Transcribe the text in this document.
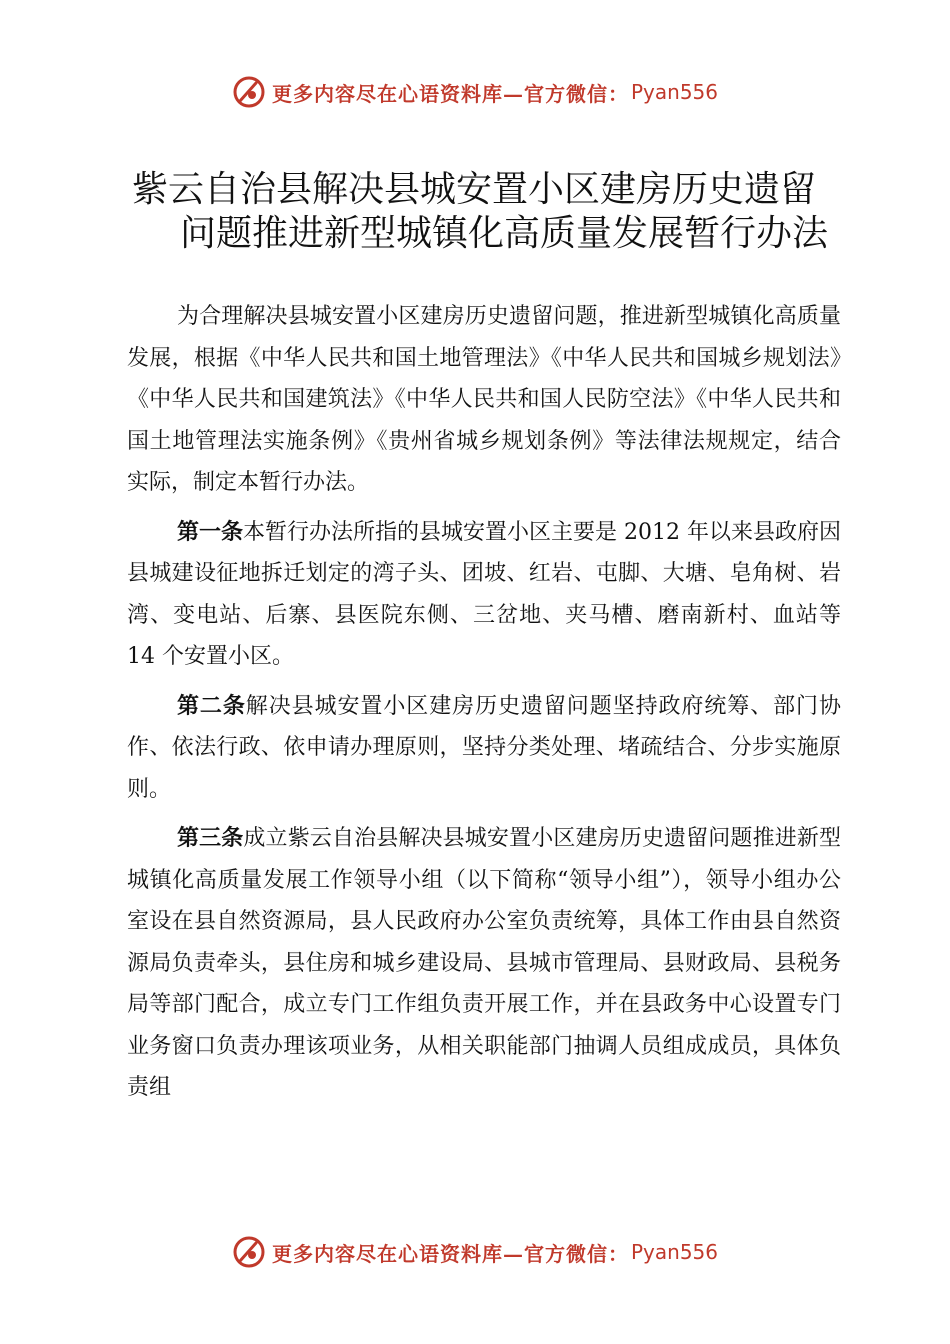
更多内容尽在心语资料库—官方微信： Pyan556
紫云自治县解决县城安置小区建房历史遗留
问题推进新型城镇化高质量发展暂行办法

为合理解决县城安置小区建房历史遗留问题，推进新型城镇化高质量发展，根据《中华人民共和国土地管理法》《中华人民共和国城乡规划法》《中华人民共和国建筑法》《中华人民共和国人民防空法》《中华人民共和国土地管理法实施条例》《贵州省城乡规划条例》等法律法规规定，结合实际，制定本暂行办法。

第一条本暂行办法所指的县城安置小区主要是 2012 年以来县政府因县城建设征地拆迁划定的湾子头、团坡、红岩、屯脚、大塘、皂角树、岩湾、变电站、后寨、县医院东侧、三岔地、夹马槽、磨南新村、血站等 14 个安置小区。

第二条解决县城安置小区建房历史遗留问题坚持政府统筹、部门协作、依法行政、依申请办理原则，坚持分类处理、堵疏结合、分步实施原则。

第三条成立紫云自治县解决县城安置小区建房历史遗留问题推进新型城镇化高质量发展工作领导小组（以下简称“领导小组”），领导小组办公室设在县自然资源局，县人民政府办公室负责统筹，具体工作由县自然资源局负责牵头，县住房和城乡建设局、县城市管理局、县财政局、县税务局等部门配合，成立专门工作组负责开展工作，并在县政务中心设置专门业务窗口负责办理该项业务，从相关职能部门抽调人员组成成员，具体负责组

更多内容尽在心语资料库—官方微信： Pyan556
